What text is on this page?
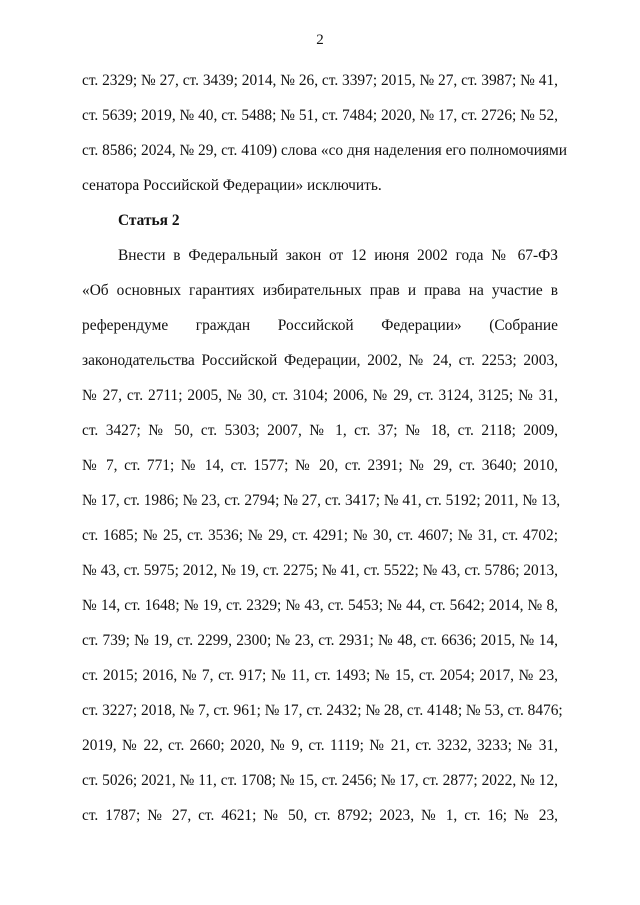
2
ст. 2329; № 27, ст. 3439; 2014, № 26, ст. 3397; 2015, № 27, ст. 3987; № 41,
ст. 5639; 2019, № 40, ст. 5488; № 51, ст. 7484; 2020, № 17, ст. 2726; № 52,
ст. 8586; 2024, № 29, ст. 4109) слова «со дня наделения его полномочиями
сенатора Российской Федерации» исключить.
Статья 2
Внести в Федеральный закон от 12 июня 2002 года № 67-ФЗ
«Об основных гарантиях избирательных прав и права на участие в
референдуме граждан Российской Федерации» (Собрание
законодательства Российской Федерации, 2002, № 24, ст. 2253; 2003,
№ 27, ст. 2711; 2005, № 30, ст. 3104; 2006, № 29, ст. 3124, 3125; № 31,
ст. 3427; № 50, ст. 5303; 2007, № 1, ст. 37; № 18, ст. 2118; 2009,
№ 7, ст. 771; № 14, ст. 1577; № 20, ст. 2391; № 29, ст. 3640; 2010,
№ 17, ст. 1986; № 23, ст. 2794; № 27, ст. 3417; № 41, ст. 5192; 2011, № 13,
ст. 1685; № 25, ст. 3536; № 29, ст. 4291; № 30, ст. 4607; № 31, ст. 4702;
№ 43, ст. 5975; 2012, № 19, ст. 2275; № 41, ст. 5522; № 43, ст. 5786; 2013,
№ 14, ст. 1648; № 19, ст. 2329; № 43, ст. 5453; № 44, ст. 5642; 2014, № 8,
ст. 739; № 19, ст. 2299, 2300; № 23, ст. 2931; № 48, ст. 6636; 2015, № 14,
ст. 2015; 2016, № 7, ст. 917; № 11, ст. 1493; № 15, ст. 2054; 2017, № 23,
ст. 3227; 2018, № 7, ст. 961; № 17, ст. 2432; № 28, ст. 4148; № 53, ст. 8476;
2019, № 22, ст. 2660; 2020, № 9, ст. 1119; № 21, ст. 3232, 3233; № 31,
ст. 5026; 2021, № 11, ст. 1708; № 15, ст. 2456; № 17, ст. 2877; 2022, № 12,
ст. 1787; № 27, ст. 4621; № 50, ст. 8792; 2023, № 1, ст. 16; № 23,
